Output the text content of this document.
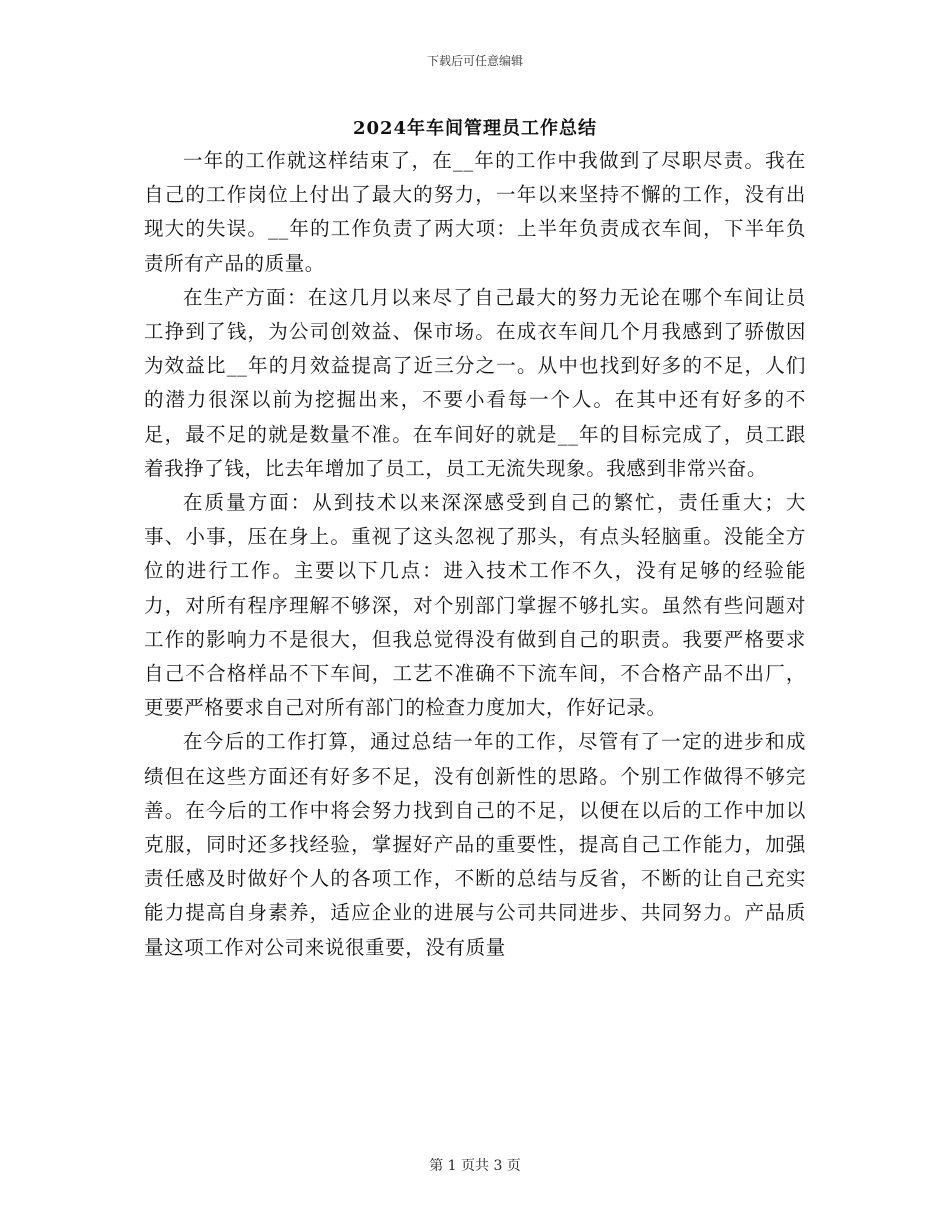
下载后可任意编辑
2024年车间管理员工作总结

一年的工作就这样结束了，在__年的工作中我做到了尽职尽责。我在自己的工作岗位上付出了最大的努力，一年以来坚持不懈的工作，没有出现大的失误。__年的工作负责了两大项：上半年负责成衣车间，下半年负责所有产品的质量。

在生产方面：在这几月以来尽了自己最大的努力无论在哪个车间让员工挣到了钱，为公司创效益、保市场。在成衣车间几个月我感到了骄傲因为效益比__年的月效益提高了近三分之一。从中也找到好多的不足，人们的潜力很深以前为挖掘出来，不要小看每一个人。在其中还有好多的不足，最不足的就是数量不准。在车间好的就是__年的目标完成了，员工跟着我挣了钱，比去年增加了员工，员工无流失现象。我感到非常兴奋。

在质量方面：从到技术以来深深感受到自己的繁忙，责任重大；大事、小事，压在身上。重视了这头忽视了那头，有点头轻脑重。没能全方位的进行工作。主要以下几点：进入技术工作不久，没有足够的经验能力，对所有程序理解不够深，对个别部门掌握不够扎实。虽然有些问题对工作的影响力不是很大，但我总觉得没有做到自己的职责。我要严格要求自己不合格样品不下车间，工艺不准确不下流车间，不合格产品不出厂，更要严格要求自己对所有部门的检查力度加大，作好记录。

在今后的工作打算，通过总结一年的工作，尽管有了一定的进步和成绩但在这些方面还有好多不足，没有创新性的思路。个别工作做得不够完善。在今后的工作中将会努力找到自己的不足，以便在以后的工作中加以克服，同时还多找经验，掌握好产品的重要性，提高自己工作能力，加强责任感及时做好个人的各项工作，不断的总结与反省，不断的让自己充实能力提高自身素养，适应企业的进展与公司共同进步、共同努力。产品质量这项工作对公司来说很重要，没有质量

第 1 页共 3 页
